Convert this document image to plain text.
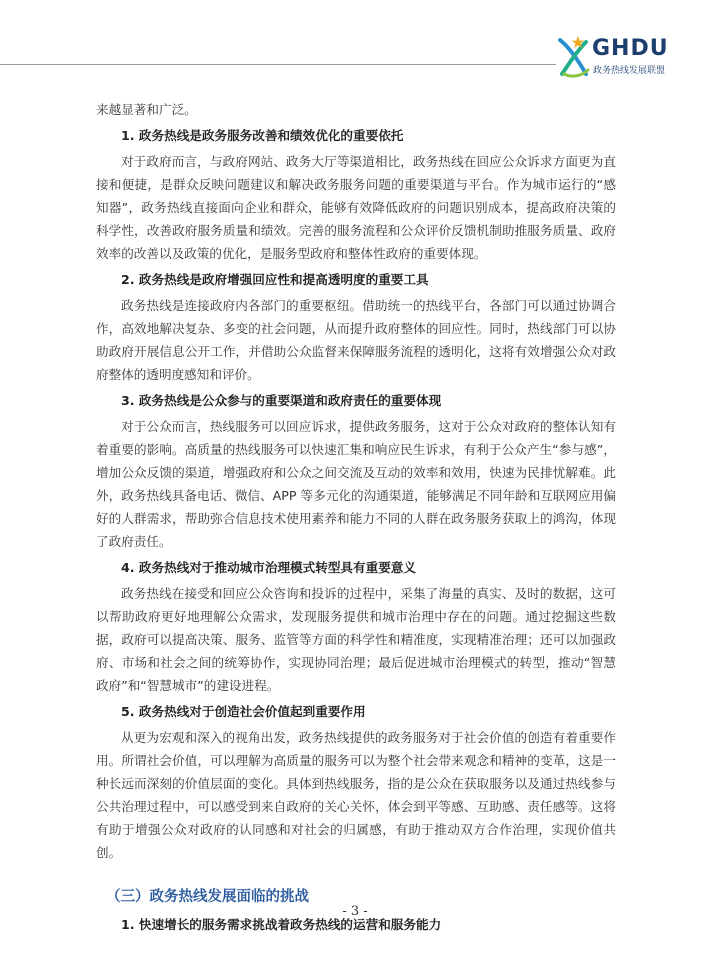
GHDU
政务热线发展联盟

来越显著和广泛。

1. 政务热线是政务服务改善和绩效优化的重要依托

对于政府而言，与政府网站、政务大厅等渠道相比，政务热线在回应公众诉求方面更为直接和便捷，是群众反映问题建议和解决政务服务问题的重要渠道与平台。作为城市运行的“感知器”，政务热线直接面向企业和群众，能够有效降低政府的问题识别成本，提高政府决策的科学性，改善政府服务质量和绩效。完善的服务流程和公众评价反馈机制助推服务质量、政府效率的改善以及政策的优化，是服务型政府和整体性政府的重要体现。

2. 政务热线是政府增强回应性和提高透明度的重要工具

政务热线是连接政府内各部门的重要枢纽。借助统一的热线平台，各部门可以通过协调合作，高效地解决复杂、多变的社会问题，从而提升政府整体的回应性。同时，热线部门可以协助政府开展信息公开工作，并借助公众监督来保障服务流程的透明化，这将有效增强公众对政府整体的透明度感知和评价。

3. 政务热线是公众参与的重要渠道和政府责任的重要体现

对于公众而言，热线服务可以回应诉求，提供政务服务，这对于公众对政府的整体认知有着重要的影响。高质量的热线服务可以快速汇集和响应民生诉求，有利于公众产生“参与感”，增加公众反馈的渠道，增强政府和公众之间交流及互动的效率和效用，快速为民排忧解难。此外，政务热线具备电话、微信、APP 等多元化的沟通渠道，能够满足不同年龄和互联网应用偏好的人群需求，帮助弥合信息技术使用素养和能力不同的人群在政务服务获取上的鸿沟，体现了政府责任。

4. 政务热线对于推动城市治理模式转型具有重要意义

政务热线在接受和回应公众咨询和投诉的过程中，采集了海量的真实、及时的数据，这可以帮助政府更好地理解公众需求，发现服务提供和城市治理中存在的问题。通过挖掘这些数据，政府可以提高决策、服务、监管等方面的科学性和精准度，实现精准治理；还可以加强政府、市场和社会之间的统筹协作，实现协同治理；最后促进城市治理模式的转型，推动“智慧政府”和“智慧城市”的建设进程。

5. 政务热线对于创造社会价值起到重要作用

从更为宏观和深入的视角出发，政务热线提供的政务服务对于社会价值的创造有着重要作用。所谓社会价值，可以理解为高质量的服务可以为整个社会带来观念和精神的变革，这是一种长远而深刻的价值层面的变化。具体到热线服务，指的是公众在获取服务以及通过热线参与公共治理过程中，可以感受到来自政府的关心关怀，体会到平等感、互助感、责任感等。这将有助于增强公众对政府的认同感和对社会的归属感，有助于推动双方合作治理，实现价值共创。

（三）政务热线发展面临的挑战
1. 快速增长的服务需求挑战着政务热线的运营和服务能力
- 3 -
